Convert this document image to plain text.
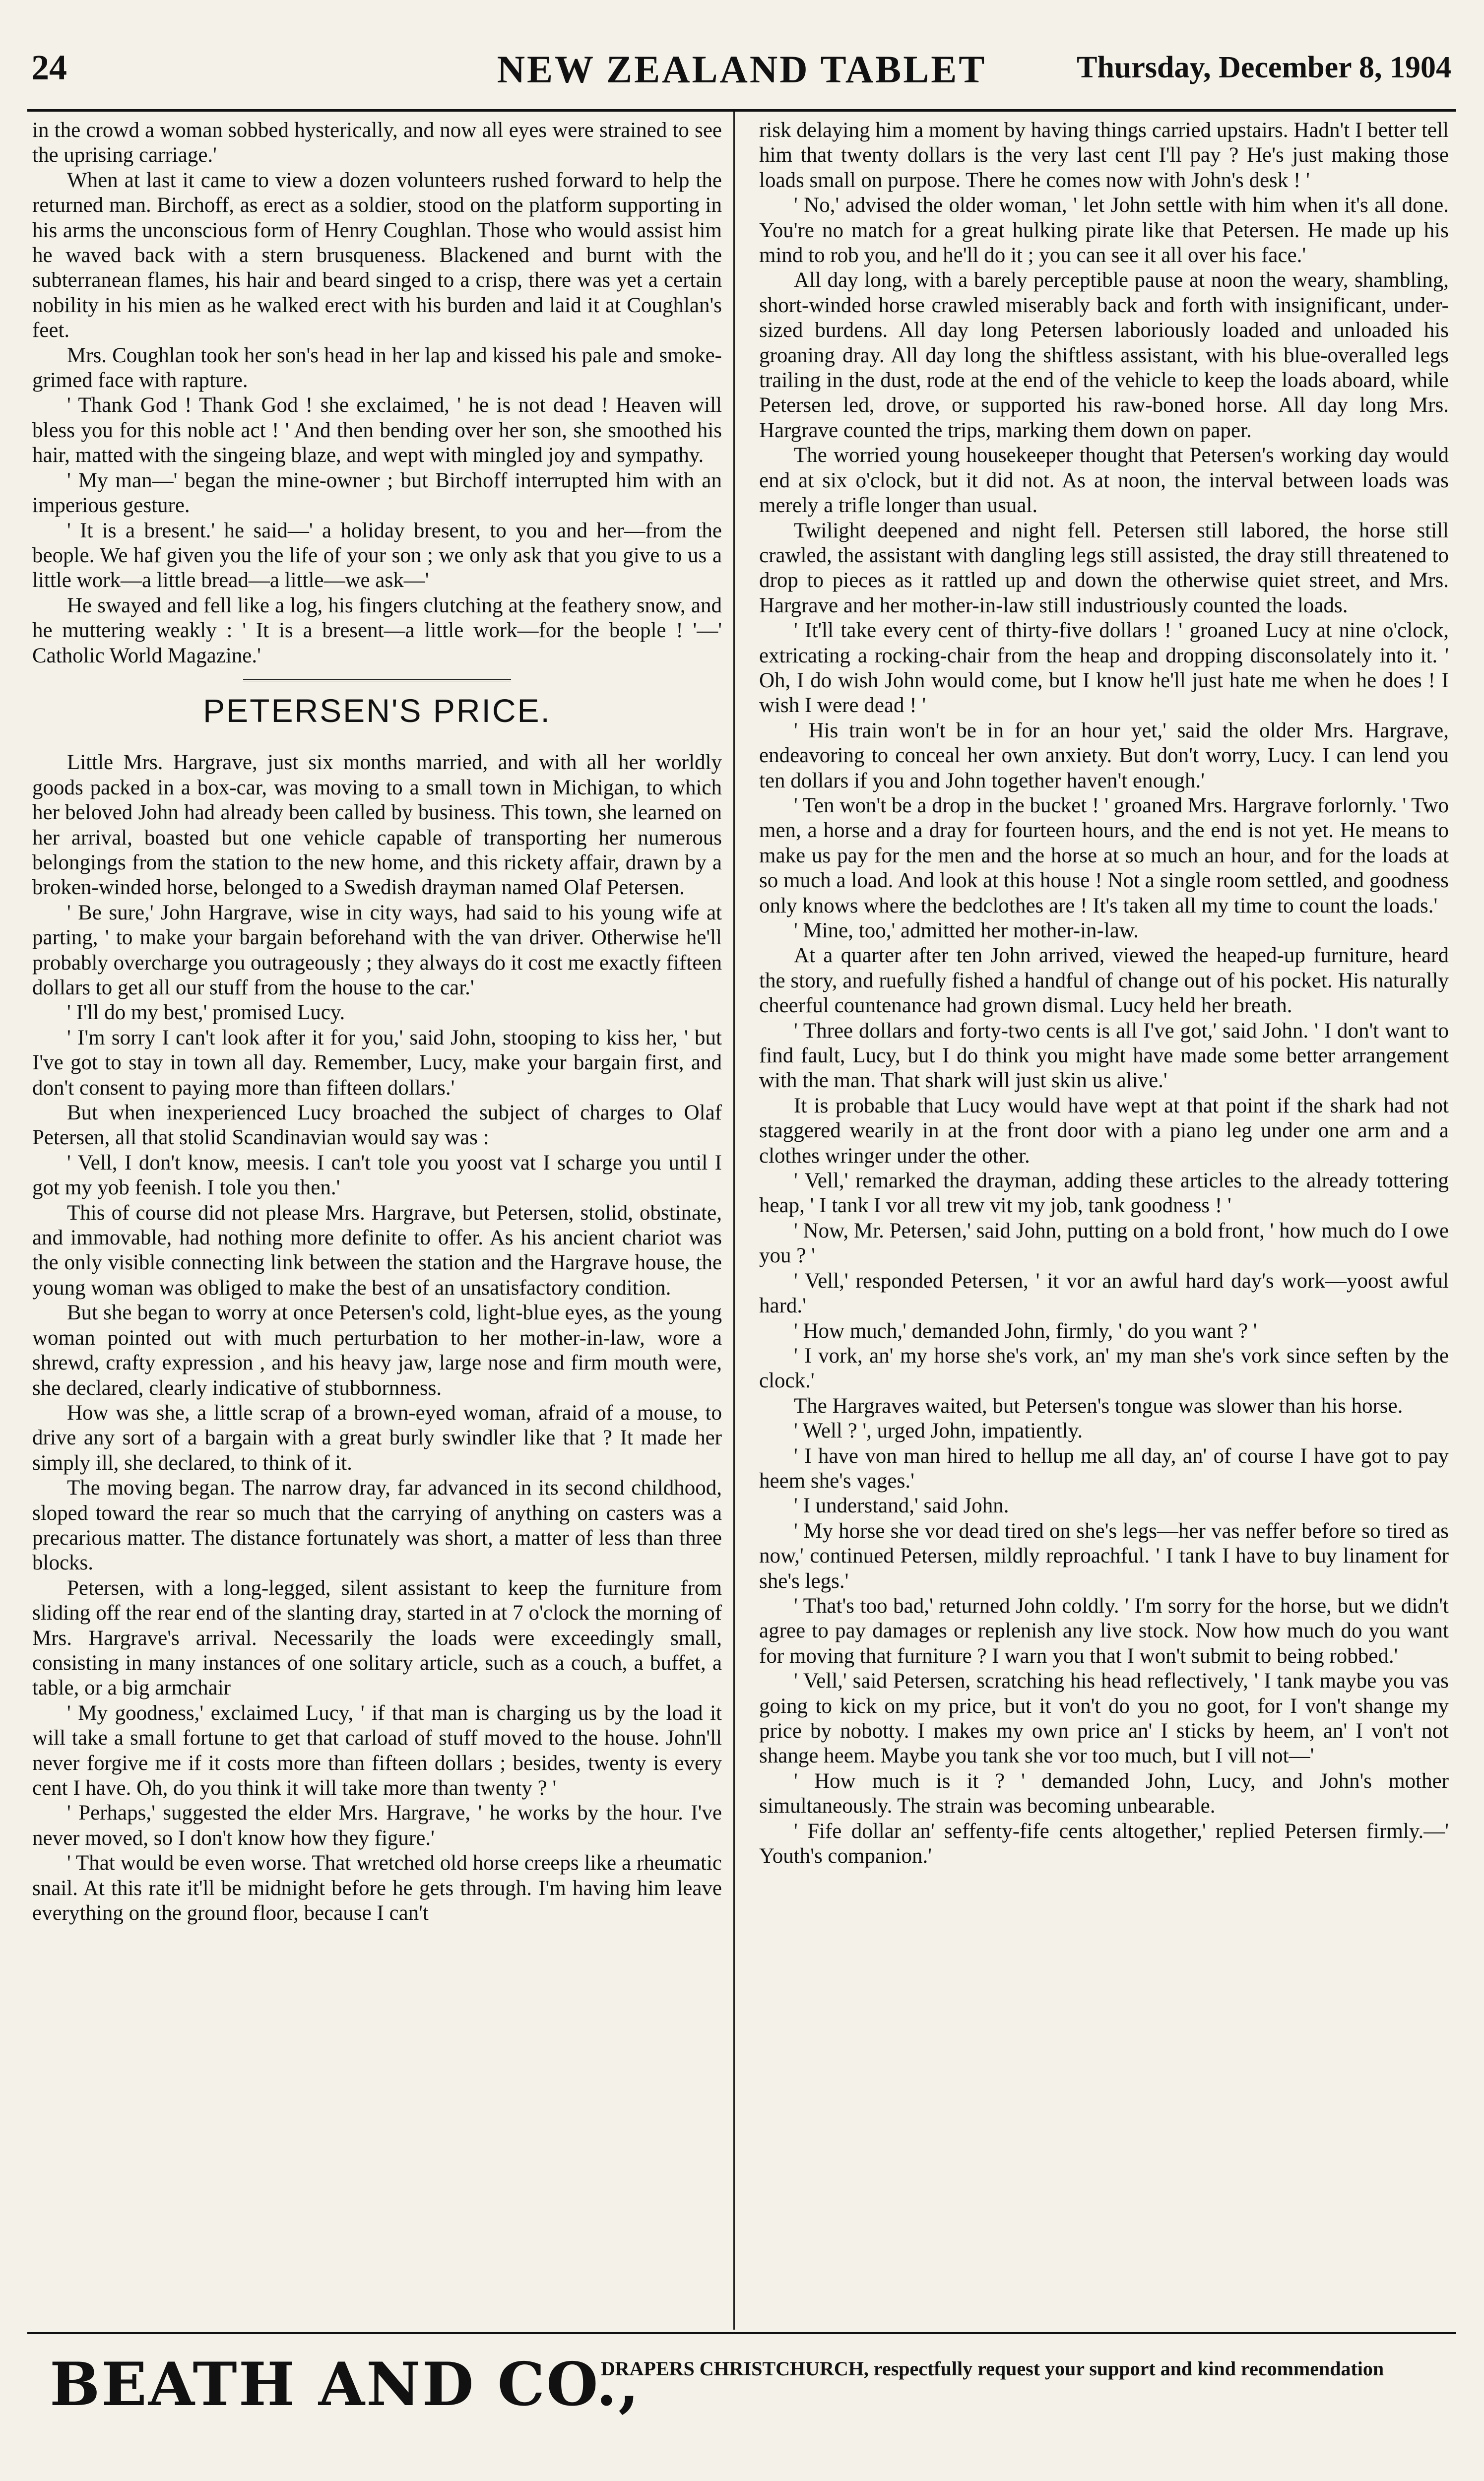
24	NEW ZEALAND TABLET	Thursday, December 8, 1904

in the crowd a woman sobbed hysterically, and now all eyes were strained to see the uprising carriage.'

When at last it came to view a dozen volunteers rushed forward to help the returned man. Birchoff, as erect as a soldier, stood on the platform supporting in his arms the unconscious form of Henry Coughlan. Those who would assist him he waved back with a stern brusqueness. Blackened and burnt with the subterranean flames, his hair and beard singed to a crisp, there was yet a certain nobility in his mien as he walked erect with his burden and laid it at Coughlan's feet.

Mrs. Coughlan took her son's head in her lap and kissed his pale and smoke-grimed face with rapture.

' Thank God ! Thank God ! she exclaimed, ' he is not dead ! Heaven will bless you for this noble act ! ' And then bending over her son, she smoothed his hair, matted with the singeing blaze, and wept with mingled joy and sympathy.

' My man—' began the mine-owner ; but Birchoff interrupted him with an imperious gesture.

' It is a bresent.' he said—' a holiday bresent, to you and her—from the beople. We haf given you the life of your son ; we only ask that you give to us a little work—a little bread—a little—we ask—'

He swayed and fell like a log, his fingers clutching at the feathery snow, and he muttering weakly : ' It is a bresent—a little work—for the beople ! '—' Catholic World Magazine.'

PETERSEN'S PRICE.

Little Mrs. Hargrave, just six months married, and with all her worldly goods packed in a box-car, was moving to a small town in Michigan, to which her beloved John had already been called by business. This town, she learned on her arrival, boasted but one vehicle capable of transporting her numerous belongings from the station to the new home, and this rickety affair, drawn by a broken-winded horse, belonged to a Swedish drayman named Olaf Petersen.

' Be sure,' John Hargrave, wise in city ways, had said to his young wife at parting, ' to make your bargain beforehand with the van driver. Otherwise he'll probably overcharge you outrageously ; they always do it cost me exactly fifteen dollars to get all our stuff from the house to the car.'

' I'll do my best,' promised Lucy.

' I'm sorry I can't look after it for you,' said John, stooping to kiss her, ' but I've got to stay in town all day. Remember, Lucy, make your bargain first, and don't consent to paying more than fifteen dollars.'

But when inexperienced Lucy broached the subject of charges to Olaf Petersen, all that stolid Scandinavian would say was :

' Vell, I don't know, meesis. I can't tole you yoost vat I scharge you until I got my yob feenish. I tole you then.'

This of course did not please Mrs. Hargrave, but Petersen, stolid, obstinate, and immovable, had nothing more definite to offer. As his ancient chariot was the only visible connecting link between the station and the Hargrave house, the young woman was obliged to make the best of an unsatisfactory condition.

But she began to worry at once Petersen's cold, light-blue eyes, as the young woman pointed out with much perturbation to her mother-in-law, wore a shrewd, crafty expression , and his heavy jaw, large nose and firm mouth were, she declared, clearly indicative of stubbornness.

How was she, a little scrap of a brown-eyed woman, afraid of a mouse, to drive any sort of a bargain with a great burly swindler like that ? It made her simply ill, she declared, to think of it.

The moving began. The narrow dray, far advanced in its second childhood, sloped toward the rear so much that the carrying of anything on casters was a precarious matter. The distance fortunately was short, a matter of less than three blocks.

Petersen, with a long-legged, silent assistant to keep the furniture from sliding off the rear end of the slanting dray, started in at 7 o'clock the morning of Mrs. Hargrave's arrival. Necessarily the loads were exceedingly small, consisting in many instances of one solitary article, such as a couch, a buffet, a table, or a big armchair

' My goodness,' exclaimed Lucy, ' if that man is charging us by the load it will take a small fortune to get that carload of stuff moved to the house. John'll never forgive me if it costs more than fifteen dollars ; besides, twenty is every cent I have. Oh, do you think it will take more than twenty ? '

' Perhaps,' suggested the elder Mrs. Hargrave, ' he works by the hour. I've never moved, so I don't know how they figure.'

' That would be even worse. That wretched old horse creeps like a rheumatic snail. At this rate it'll be midnight before he gets through. I'm having him leave everything on the ground floor, because I can't

risk delaying him a moment by having things carried upstairs. Hadn't I better tell him that twenty dollars is the very last cent I'll pay ? He's just making those loads small on purpose. There he comes now with John's desk ! '

' No,' advised the older woman, ' let John settle with him when it's all done. You're no match for a great hulking pirate like that Petersen. He made up his mind to rob you, and he'll do it ; you can see it all over his face.'

All day long, with a barely perceptible pause at noon the weary, shambling, short-winded horse crawled miserably back and forth with insignificant, under-sized burdens. All day long Petersen laboriously loaded and unloaded his groaning dray. All day long the shiftless assistant, with his blue-overalled legs trailing in the dust, rode at the end of the vehicle to keep the loads aboard, while Petersen led, drove, or supported his raw-boned horse. All day long Mrs. Hargrave counted the trips, marking them down on paper.

The worried young housekeeper thought that Petersen's working day would end at six o'clock, but it did not. As at noon, the interval between loads was merely a trifle longer than usual.

Twilight deepened and night fell. Petersen still labored, the horse still crawled, the assistant with dangling legs still assisted, the dray still threatened to drop to pieces as it rattled up and down the otherwise quiet street, and Mrs. Hargrave and her mother-in-law still industriously counted the loads.

' It'll take every cent of thirty-five dollars ! ' groaned Lucy at nine o'clock, extricating a rocking-chair from the heap and dropping disconsolately into it. ' Oh, I do wish John would come, but I know he'll just hate me when he does ! I wish I were dead ! '

' His train won't be in for an hour yet,' said the older Mrs. Hargrave, endeavoring to conceal her own anxiety. But don't worry, Lucy. I can lend you ten dollars if you and John together haven't enough.'

' Ten won't be a drop in the bucket ! ' groaned Mrs. Hargrave forlornly. ' Two men, a horse and a dray for fourteen hours, and the end is not yet. He means to make us pay for the men and the horse at so much an hour, and for the loads at so much a load. And look at this house ! Not a single room settled, and goodness only knows where the bedclothes are ! It's taken all my time to count the loads.'

' Mine, too,' admitted her mother-in-law.

At a quarter after ten John arrived, viewed the heaped-up furniture, heard the story, and ruefully fished a handful of change out of his pocket. His naturally cheerful countenance had grown dismal. Lucy held her breath.

' Three dollars and forty-two cents is all I've got,' said John. ' I don't want to find fault, Lucy, but I do think you might have made some better arrangement with the man. That shark will just skin us alive.'

It is probable that Lucy would have wept at that point if the shark had not staggered wearily in at the front door with a piano leg under one arm and a clothes wringer under the other.

' Vell,' remarked the drayman, adding these articles to the already tottering heap, ' I tank I vor all trew vit my job, tank goodness ! '

' Now, Mr. Petersen,' said John, putting on a bold front, ' how much do I owe you ? '

' Vell,' responded Petersen, ' it vor an awful hard day's work—yoost awful hard.'

' How much,' demanded John, firmly, ' do you want ? '

' I vork, an' my horse she's vork, an' my man she's vork since seften by the clock.'

The Hargraves waited, but Petersen's tongue was slower than his horse.

' Well ? ', urged John, impatiently.

' I have von man hired to hellup me all day, an' of course I have got to pay heem she's vages.'

' I understand,' said John.

' My horse she vor dead tired on she's legs—her vas neffer before so tired as now,' continued Petersen, mildly reproachful. ' I tank I have to buy linament for she's legs.'

' That's too bad,' returned John coldly. ' I'm sorry for the horse, but we didn't agree to pay damages or replenish any live stock. Now how much do you want for moving that furniture ? I warn you that I won't submit to being robbed.'

' Vell,' said Petersen, scratching his head reflectively, ' I tank maybe you vas going to kick on my price, but it von't do you no goot, for I von't shange my price by nobotty. I makes my own price an' I sticks by heem, an' I von't not shange heem. Maybe you tank she vor too much, but I vill not—'

' How much is it ? ' demanded John, Lucy, and John's mother simultaneously. The strain was becoming unbearable.

' Fife dollar an' seffenty-fife cents altogether,' replied Petersen firmly.—' Youth's companion.'

BEATH AND CO.,
DRAPERS CHRISTCHURCH, respectfully request your support and kind recommendation
